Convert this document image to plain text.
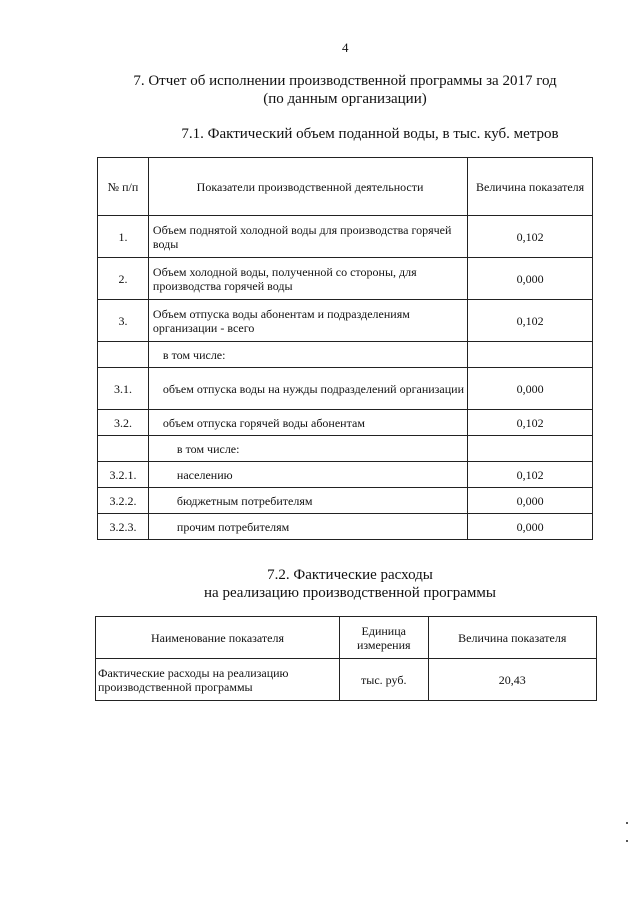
4
7. Отчет об исполнении производственной программы за 2017 год
(по данным организации)
7.1. Фактический объем поданной воды, в тыс. куб. метров
№ п/п	Показатели производственной деятельности	Величина показателя
1.	Объем поднятой холодной воды для производства горячей воды	0,102
2.	Объем холодной воды, полученной со стороны, для производства горячей воды	0,000
3.	Объем отпуска воды абонентам и подразделениям организации - всего	0,102
	в том числе:	
3.1.	объем отпуска воды на нужды подразделений организации	0,000
3.2.	объем отпуска горячей воды абонентам	0,102
	в том числе:	
3.2.1.	населению	0,102
3.2.2.	бюджетным потребителям	0,000
3.2.3.	прочим потребителям	0,000
7.2. Фактические расходы
на реализацию производственной программы
Наименование показателя	Единица измерения	Величина показателя
Фактические расходы на реализацию производственной программы	тыс. руб.	20,43
